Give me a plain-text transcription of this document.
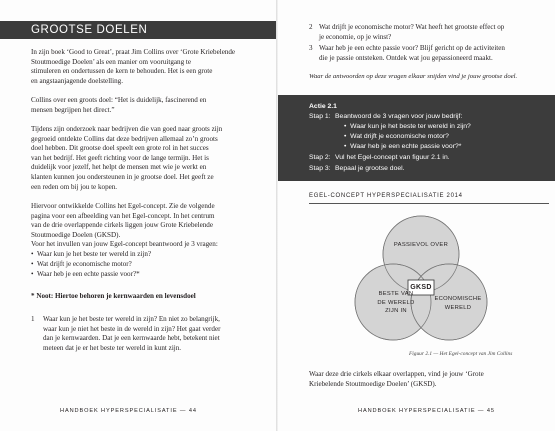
GROOTSE DOELEN

In zijn boek ‘Good to Great’, praat Jim Collins over ‘Grote Kriebelende
Stoutmoedige Doelen’ als een manier om vooruitgang te
stimuleren en ondertussen de kern te behouden. Het is een grote
en angstaanjagende doelstelling.

Collins over een groots doel: “Het is duidelijk, fascinerend en
mensen begrijpen het direct.”

Tijdens zijn onderzoek naar bedrijven die van goed naar groots zijn
gegroeid ontdekte Collins dat deze bedrijven allemaal zo’n groots
doel hebben. Dit grootse doel speelt een grote rol in het succes
van het bedrijf. Het geeft richting voor de lange termijn. Het is
duidelijk voor jezelf, het helpt de mensen met wie je werkt en
klanten kunnen jou ondersteunen in je grootse doel. Het geeft ze
een reden om bij jou te kopen.

Hiervoor ontwikkelde Collins het Egel-concept. Zie de volgende
pagina voor een afbeelding van het Egel-concept. In het centrum
van de drie overlappende cirkels liggen jouw Grote Kriebelende
Stoutmoedige Doelen (GKSD).

Voor het invullen van jouw Egel-concept beantwoord je 3 vragen:

•  Waar kun je het beste ter wereld in zijn?
•  Wat drijft je economische motor?
•  Waar heb je een echte passie voor?*
* Noot: Hiertoe behoren je kernwaarden en levensdoel
1 Waar kun je het beste ter wereld in zijn? En niet zo belangrijk,
waar kun je niet het beste in de wereld in zijn? Het gaat verder
dan je kernwaarden. Dat je een kernwaarde hebt, betekent niet
meteen dat je er het beste ter wereld in kunt zijn.

HANDBOEK HYPERSPECIALISATIE — 44
2 Wat drijft je economische motor? Wat heeft het grootste effect op
je economie, op je winst?

3 Waar heb je een echte passie voor? Blijf gericht op de activiteiten
die je passie ontsteken. Ontdek wat jou gepassioneerd maakt.

Waar de antwoorden op deze vragen elkaar snijden vind je jouw grootse doel.

Actie 2.1
Stap 1: Beantwoord de 3 vragen voor jouw bedrijf:
•  Waar kun je het beste ter wereld in zijn?
•  Wat drijft je economische motor?
•  Waar heb je een echte passie voor?*
Stap 2: Vul het Egel-concept van figuur 2.1 in.
Stap 3: Bepaal je grootse doel.
EGEL-CONCEPT HYPERSPECIALISATIE 2014
PASSIEVOL OVER
BESTE VAN
DE WERELD
ZIJN IN
ECONOMISCHE
WERELD
GKSD
Figuur 2.1 — Het Egel-concept van Jim Collins

Waar deze drie cirkels elkaar overlappen, vind je jouw ‘Grote
Kriebelende Stoutmoedige Doelen’ (GKSD).

HANDBOEK HYPERSPECIALISATIE — 45
